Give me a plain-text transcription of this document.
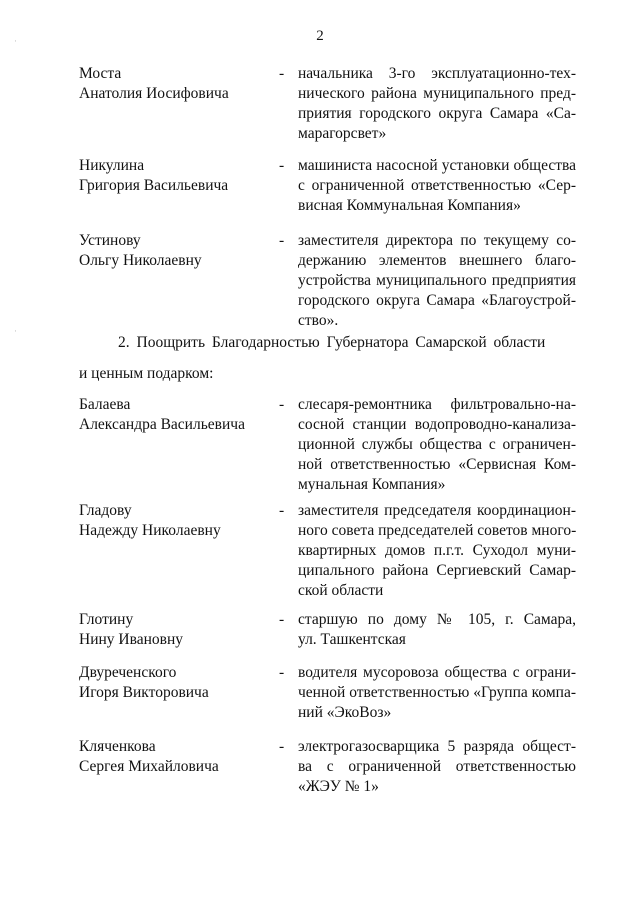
2
·
·
Моста
Анатолия Иосифовича
- начальника 3-го эксплуатационно-тех-
нического района муниципального пред-
приятия городского округа Самара «Са-
марагорсвет»
Никулина
Григория Васильевича
- машиниста насосной установки общества
с ограниченной ответственностью «Сер-
висная Коммунальная Компания»
Устинову
Ольгу Николаевну
- заместителя директора по текущему со-
держанию элементов внешнего благо-
устройства муниципального предприятия
городского округа Самара «Благоустрой-
ство».
2. Поощрить Благодарностью Губернатора Самарской области
и ценным подарком:
Балаева
Александра Васильевича
- слесаря-ремонтника фильтровально-на-
сосной станции водопроводно-канализа-
ционной службы общества с ограничен-
ной ответственностью «Сервисная Ком-
мунальная Компания»
Гладову
Надежду Николаевну
- заместителя председателя координацион-
ного совета председателей советов много-
квартирных домов п.г.т. Суходол муни-
ципального района Сергиевский Самар-
ской области
Глотину
Нину Ивановну
- старшую по дому № 105, г. Самара,
ул. Ташкентская
Двуреченского
Игоря Викторовича
- водителя мусоровоза общества с ограни-
ченной ответственностью «Группа компа-
ний «ЭкоВоз»
Кляченкова
Сергея Михайловича
- электрогазосварщика 5 разряда общест-
ва с ограниченной ответственностью
«ЖЭУ № 1»
